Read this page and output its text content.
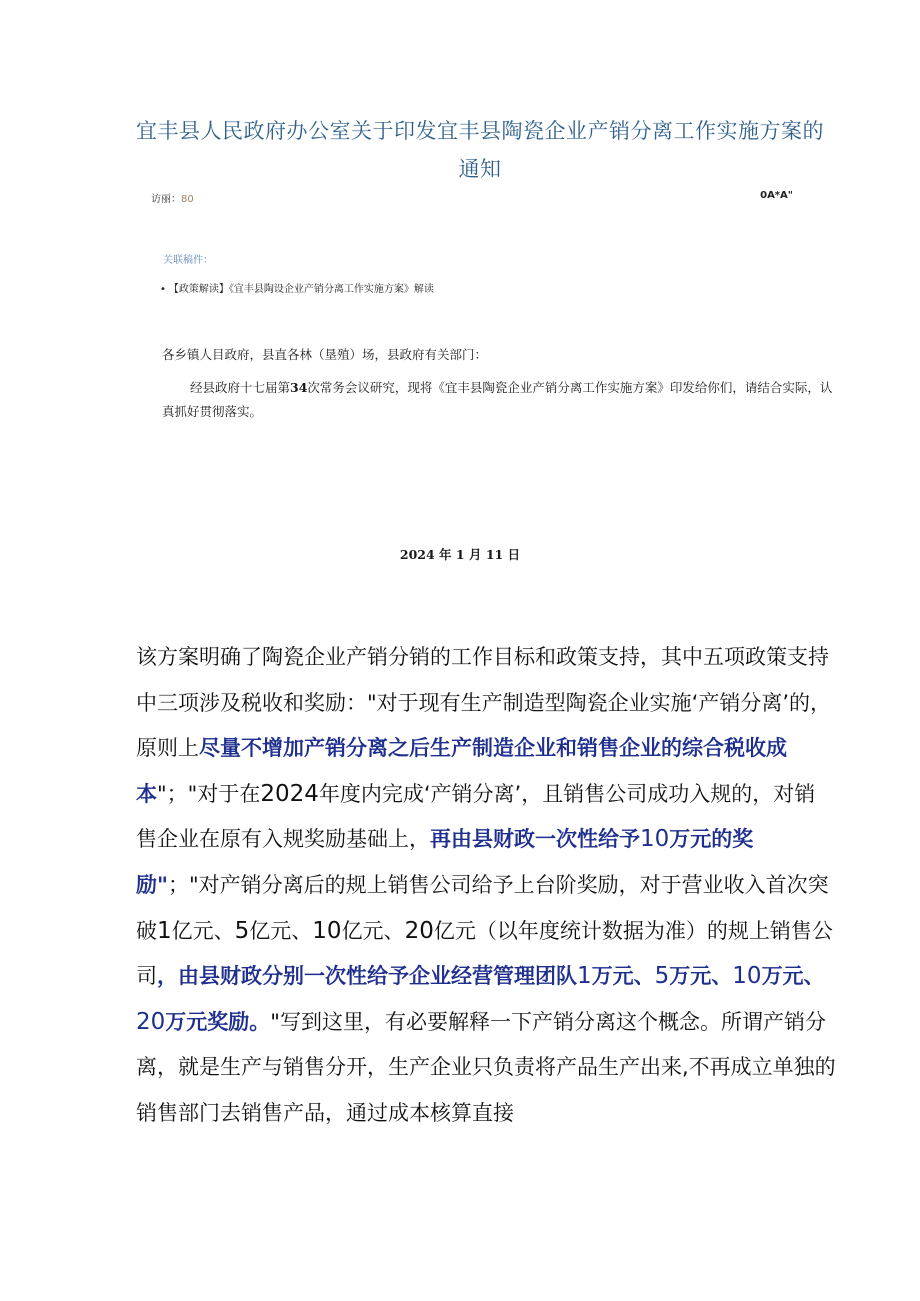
宜丰县人民政府办公室关于印发宜丰县陶瓷企业产销分离工作实施方案的通知
访丽：80	0A*A"
关联稿件：
• 【政策解读】《宜丰县陶设企业产销分离工作实施方案》解读
各乡镇人目政府，县直各林（垦殖）场，县政府有关部门：
经县政府十七届第34次常务会议研究，现将《宜丰县陶瓷企业产销分离工作实施方案》印发给你们，请结合实际，认真抓好贯彻落实。
2024 年 1 月 11 日
该方案明确了陶瓷企业产销分销的工作目标和政策支持，其中五项政策支持中三项涉及税收和奖励："对于现有生产制造型陶瓷企业实施‘产销分离’的，原则上尽量不增加产销分离之后生产制造企业和销售企业的综合税收成本"；"对于在2024年度内完成‘产销分离’，且销售公司成功入规的，对销售企业在原有入规奖励基础上，再由县财政一次性给予10万元的奖励"；"对产销分离后的规上销售公司给予上台阶奖励，对于营业收入首次突破1亿元、5亿元、10亿元、20亿元（以年度统计数据为准）的规上销售公司，由县财政分别一次性给予企业经营管理团队1万元、5万元、10万元、20万元奖励。"写到这里，有必要解释一下产销分离这个概念。所谓产销分离，就是生产与销售分开，生产企业只负责将产品生产出来,不再成立单独的销售部门去销售产品，通过成本核算直接
